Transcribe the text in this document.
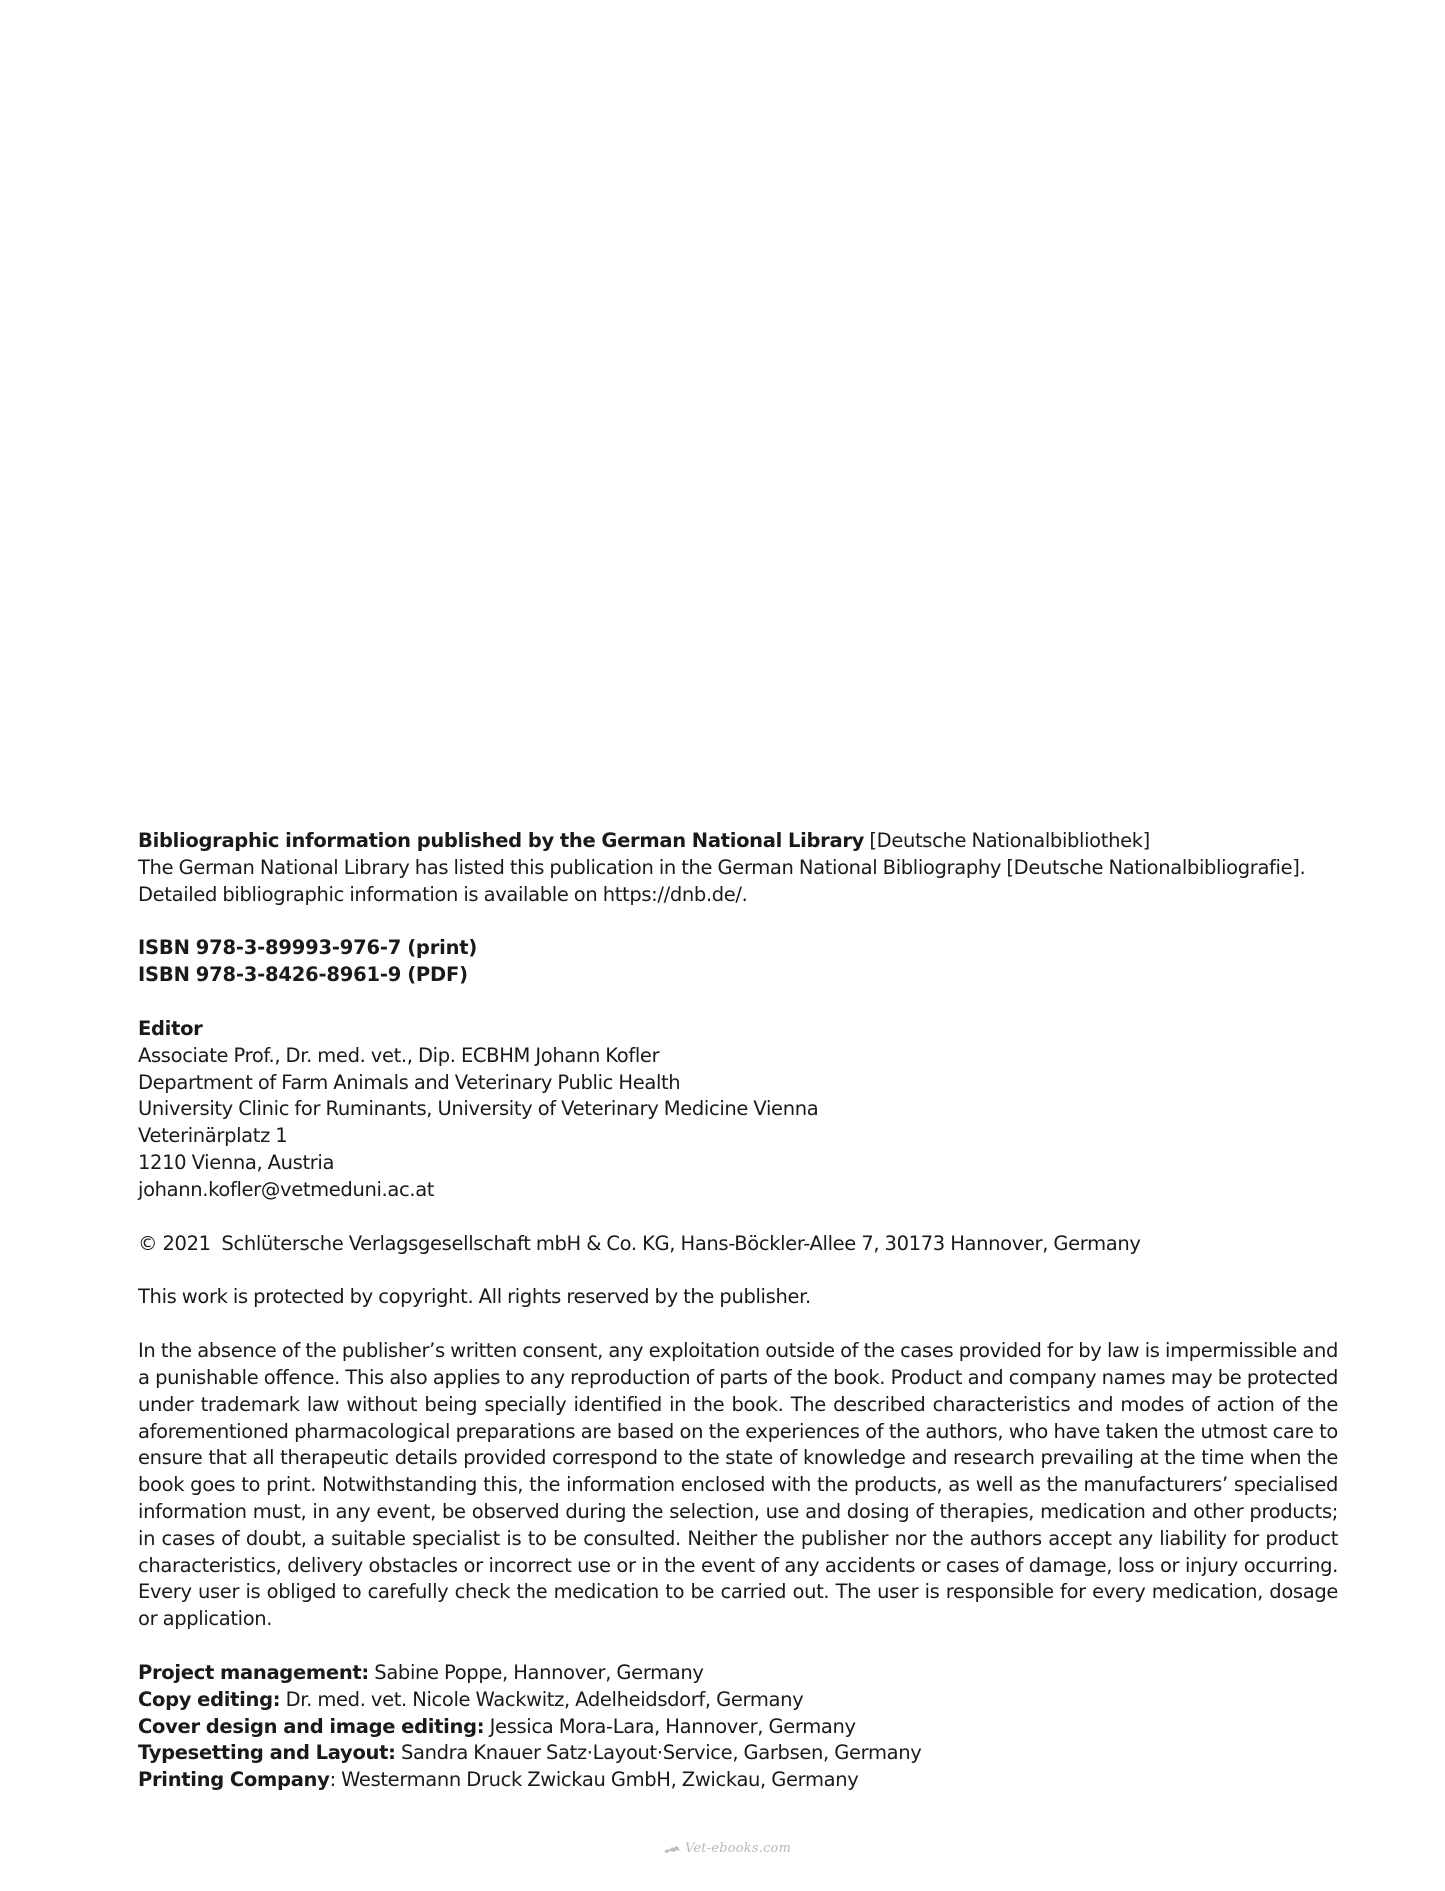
Bibliographic information published by the German National Library [Deutsche Nationalbibliothek]

The German National Library has listed this publication in the German National Bibliography [Deutsche Nationalbibliografie].

Detailed bibliographic information is available on https://dnb.de/.

ISBN 978-3-89993-976-7 (print)

ISBN 978-3-8426-8961-9 (PDF)

Editor

Associate Prof., Dr. med. vet., Dip. ECBHM Johann Kofler

Department of Farm Animals and Veterinary Public Health

University Clinic for Ruminants, University of Veterinary Medicine Vienna

Veterinärplatz 1

1210 Vienna, Austria

johann.kofler@vetmeduni.ac.at

© 2021  Schlütersche Verlagsgesellschaft mbH & Co. KG, Hans-Böckler-Allee 7, 30173 Hannover, Germany

This work is protected by copyright. All rights reserved by the publisher.

In the absence of the publisher’s written consent, any exploitation outside of the cases provided for by law is impermissible and a punishable offence. This also applies to any reproduction of parts of the book. Product and company names may be protected under trademark law without being specially identified in the book. The described characteristics and modes of action of the aforementioned pharmacological preparations are based on the experiences of the authors, who have taken the utmost care to ensure that all therapeutic details provided correspond to the state of knowledge and research prevailing at the time when the book goes to print. Notwithstanding this, the information enclosed with the products, as well as the manufacturers’ specialised information must, in any event, be observed during the selection, use and dosing of therapies, medication and other products; in cases of doubt, a suitable specialist is to be consulted. Neither the publisher nor the authors accept any liability for product characteristics, delivery obstacles or incorrect use or in the event of any accidents or cases of damage, loss or injury occurring. Every user is obliged to carefully check the medication to be carried out. The user is responsible for every medication, dosage or application.

Project management: Sabine Poppe, Hannover, Germany

Copy editing: Dr. med. vet. Nicole Wackwitz, Adelheidsdorf, Germany

Cover design and image editing: Jessica Mora-Lara, Hannover, Germany

Typesetting and Layout: Sandra Knauer Satz·Layout·Service, Garbsen, Germany

Printing Company: Westermann Druck Zwickau GmbH, Zwickau, Germany

Vet-ebooks.com
